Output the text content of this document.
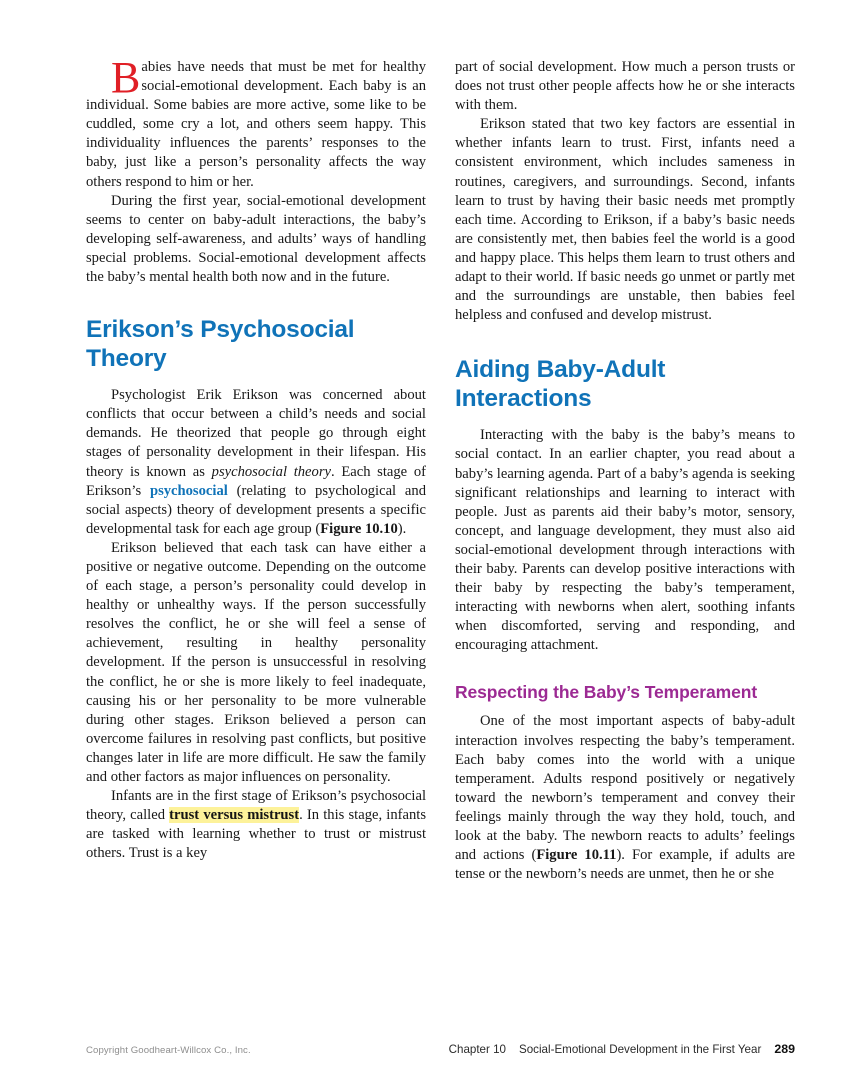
Babies have needs that must be met for healthy social-emotional development. Each baby is an individual. Some babies are more active, some like to be cuddled, some cry a lot, and others seem happy. This individuality influences the parents’ responses to the baby, just like a person’s personality affects the way others respond to him or her.

During the first year, social-emotional development seems to center on baby-adult interactions, the baby’s developing self-awareness, and adults’ ways of handling special problems. Social-emotional development affects the baby’s mental health both now and in the future.

Erikson’s Psychosocial Theory

Psychologist Erik Erikson was concerned about conflicts that occur between a child’s needs and social demands. He theorized that people go through eight stages of personality development in their lifespan. His theory is known as psychosocial theory. Each stage of Erikson’s psychosocial (relating to psychological and social aspects) theory of development presents a specific developmental task for each age group (Figure 10.10).

Erikson believed that each task can have either a positive or negative outcome. Depending on the outcome of each stage, a person’s personality could develop in healthy or unhealthy ways. If the person successfully resolves the conflict, he or she will feel a sense of achievement, resulting in healthy personality development. If the person is unsuccessful in resolving the conflict, he or she is more likely to feel inadequate, causing his or her personality to be more vulnerable during other stages. Erikson believed a person can overcome failures in resolving past conflicts, but positive changes later in life are more difficult. He saw the family and other factors as major influences on personality.

Infants are in the first stage of Erikson’s psychosocial theory, called trust versus mistrust. In this stage, infants are tasked with learning whether to trust or mistrust others. Trust is a key

part of social development. How much a person trusts or does not trust other people affects how he or she interacts with them.

Erikson stated that two key factors are essential in whether infants learn to trust. First, infants need a consistent environment, which includes sameness in routines, caregivers, and surroundings. Second, infants learn to trust by having their basic needs met promptly each time. According to Erikson, if a baby’s basic needs are consistently met, then babies feel the world is a good and happy place. This helps them learn to trust others and adapt to their world. If basic needs go unmet or partly met and the surroundings are unstable, then babies feel helpless and confused and develop mistrust.

Aiding Baby-Adult Interactions

Interacting with the baby is the baby’s means to social contact. In an earlier chapter, you read about a baby’s learning agenda. Part of a baby’s agenda is seeking significant relationships and learning to interact with people. Just as parents aid their baby’s motor, sensory, concept, and language development, they must also aid social-emotional development through interactions with their baby. Parents can develop positive interactions with their baby by respecting the baby’s temperament, interacting with newborns when alert, soothing infants when discomforted, serving and responding, and encouraging attachment.

Respecting the Baby’s Temperament

One of the most important aspects of baby-adult interaction involves respecting the baby’s temperament. Each baby comes into the world with a unique temperament. Adults respond positively or negatively toward the newborn’s temperament and convey their feelings mainly through the way they hold, touch, and look at the baby. The newborn reacts to adults’ feelings and actions (Figure 10.11). For example, if adults are tense or the newborn’s needs are unmet, then he or she

Copyright Goodheart-Willcox Co., Inc.	Chapter 10 Social-Emotional Development in the First Year 289
